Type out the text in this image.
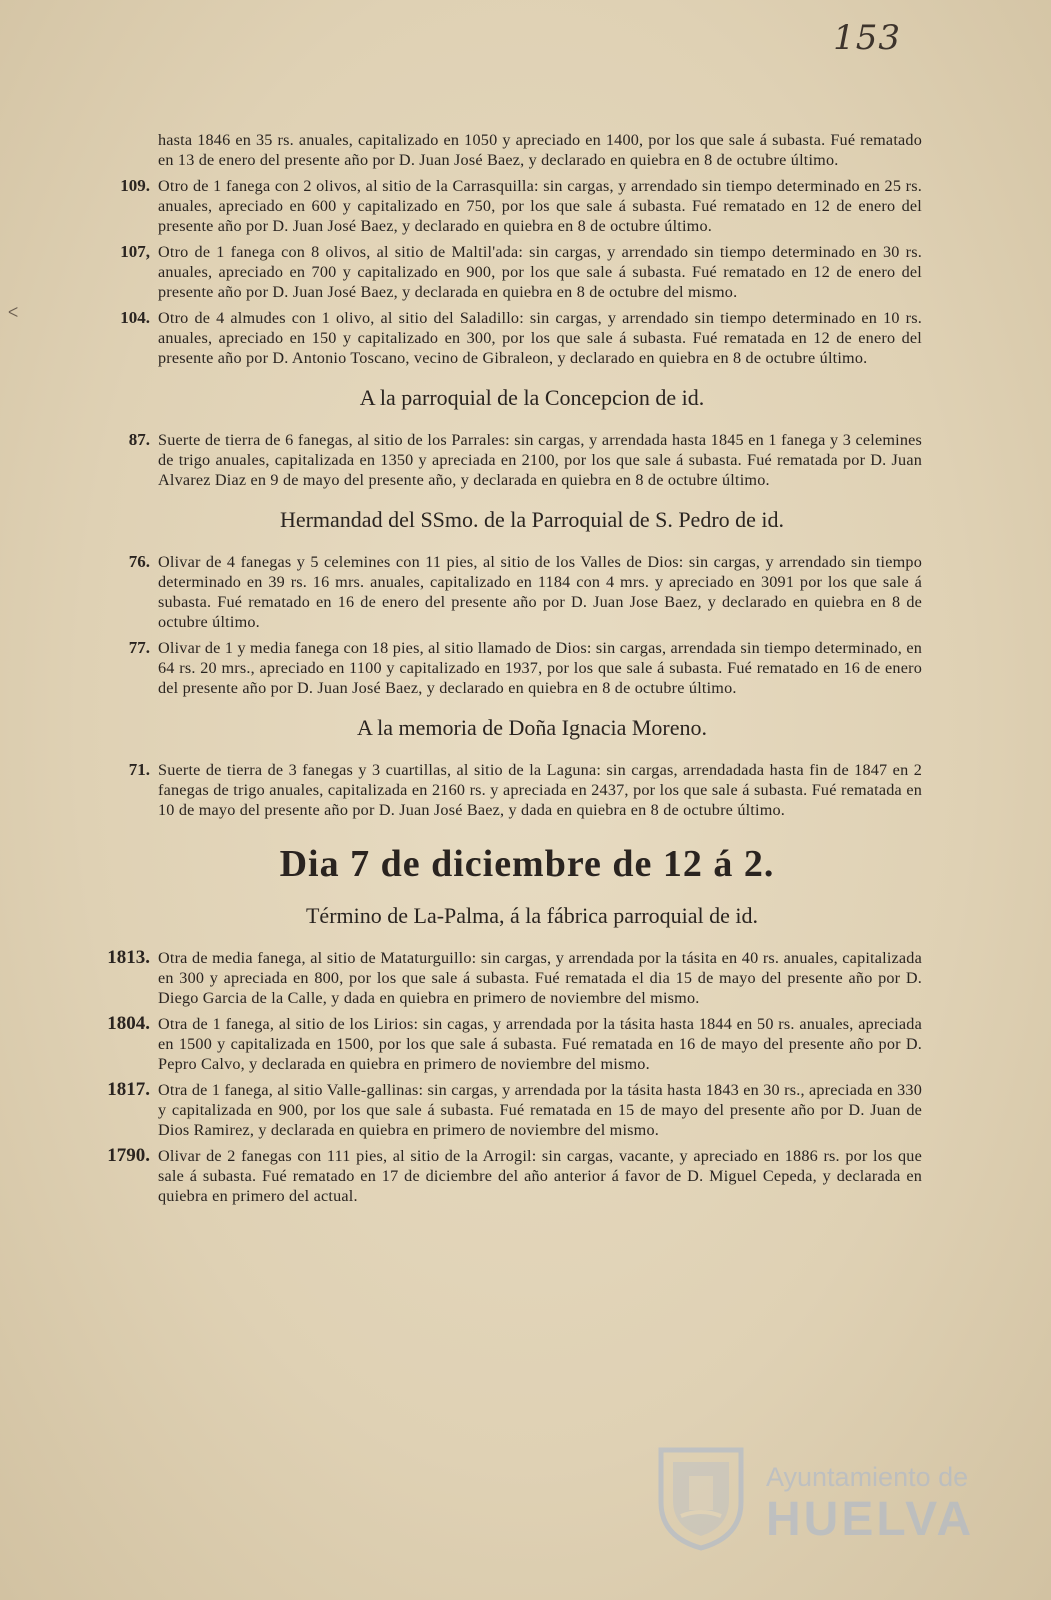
153
ᐸ
hasta 1846 en 35 rs. anuales, capitalizado en 1050 y apreciado en 1400, por los que sale á subasta. Fué rematado en 13 de enero del presente año por D. Juan José Baez, y declarado en quiebra en 8 de octubre último.
109. Otro de 1 fanega con 2 olivos, al sitio de la Carrasquilla: sin cargas, y arrendado sin tiempo determinado en 25 rs. anuales, apreciado en 600 y capitalizado en 750, por los que sale á subasta. Fué rematado en 12 de enero del presente año por D. Juan José Baez, y declarado en quiebra en 8 de octubre último.
107, Otro de 1 fanega con 8 olivos, al sitio de Maltil'ada: sin cargas, y arrendado sin tiempo determinado en 30 rs. anuales, apreciado en 700 y capitalizado en 900, por los que sale á subasta. Fué rematado en 12 de enero del presente año por D. Juan José Baez, y declarada en quiebra en 8 de octubre del mismo.
104. Otro de 4 almudes con 1 olivo, al sitio del Saladillo: sin cargas, y arrendado sin tiempo determinado en 10 rs. anuales, apreciado en 150 y capitalizado en 300, por los que sale á subasta. Fué rematada en 12 de enero del presente año por D. Antonio Toscano, vecino de Gibraleon, y declarado en quiebra en 8 de octubre último.
A la parroquial de la Concepcion de id.
87. Suerte de tierra de 6 fanegas, al sitio de los Parrales: sin cargas, y arrendada hasta 1845 en 1 fanega y 3 celemines de trigo anuales, capitalizada en 1350 y apreciada en 2100, por los que sale á subasta. Fué rematada por D. Juan Alvarez Diaz en 9 de mayo del presente año, y declarada en quiebra en 8 de octubre último.
Hermandad del SSmo. de la Parroquial de S. Pedro de id.
76. Olivar de 4 fanegas y 5 celemines con 11 pies, al sitio de los Valles de Dios: sin cargas, y arrendado sin tiempo determinado en 39 rs. 16 mrs. anuales, capitalizado en 1184 con 4 mrs. y apreciado en 3091 por los que sale á subasta. Fué rematado en 16 de enero del presente año por D. Juan Jose Baez, y declarado en quiebra en 8 de octubre último.
77. Olivar de 1 y media fanega con 18 pies, al sitio llamado de Dios: sin cargas, arrendada sin tiempo determinado, en 64 rs. 20 mrs., apreciado en 1100 y capitalizado en 1937, por los que sale á subasta. Fué rematado en 16 de enero del presente año por D. Juan José Baez, y declarado en quiebra en 8 de octubre último.
A la memoria de Doña Ignacia Moreno.
71. Suerte de tierra de 3 fanegas y 3 cuartillas, al sitio de la Laguna: sin cargas, arrendadada hasta fin de 1847 en 2 fanegas de trigo anuales, capitalizada en 2160 rs. y apreciada en 2437, por los que sale á subasta. Fué rematada en 10 de mayo del presente año por D. Juan José Baez, y dada en quiebra en 8 de octubre último.
Dia 7 de diciembre de 12 á 2.
Término de La-Palma, á la fábrica parroquial de id.
1813. Otra de media fanega, al sitio de Mataturguillo: sin cargas, y arrendada por la tásita en 40 rs. anuales, capitalizada en 300 y apreciada en 800, por los que sale á subasta. Fué rematada el dia 15 de mayo del presente año por D. Diego Garcia de la Calle, y dada en quiebra en primero de noviembre del mismo.
1804. Otra de 1 fanega, al sitio de los Lirios: sin cagas, y arrendada por la tásita hasta 1844 en 50 rs. anuales, apreciada en 1500 y capitalizada en 1500, por los que sale á subasta. Fué rematada en 16 de mayo del presente año por D. Pepro Calvo, y declarada en quiebra en primero de noviembre del mismo.
1817. Otra de 1 fanega, al sitio Valle-gallinas: sin cargas, y arrendada por la tásita hasta 1843 en 30 rs., apreciada en 330 y capitalizada en 900, por los que sale á subasta. Fué rematada en 15 de mayo del presente año por D. Juan de Dios Ramirez, y declarada en quiebra en primero de noviembre del mismo.
1790. Olivar de 2 fanegas con 111 pies, al sitio de la Arrogil: sin cargas, vacante, y apreciado en 1886 rs. por los que sale á subasta. Fué rematado en 17 de diciembre del año anterior á favor de D. Miguel Cepeda, y declarada en quiebra en primero del actual.
Ayuntamiento de
HUELVA
